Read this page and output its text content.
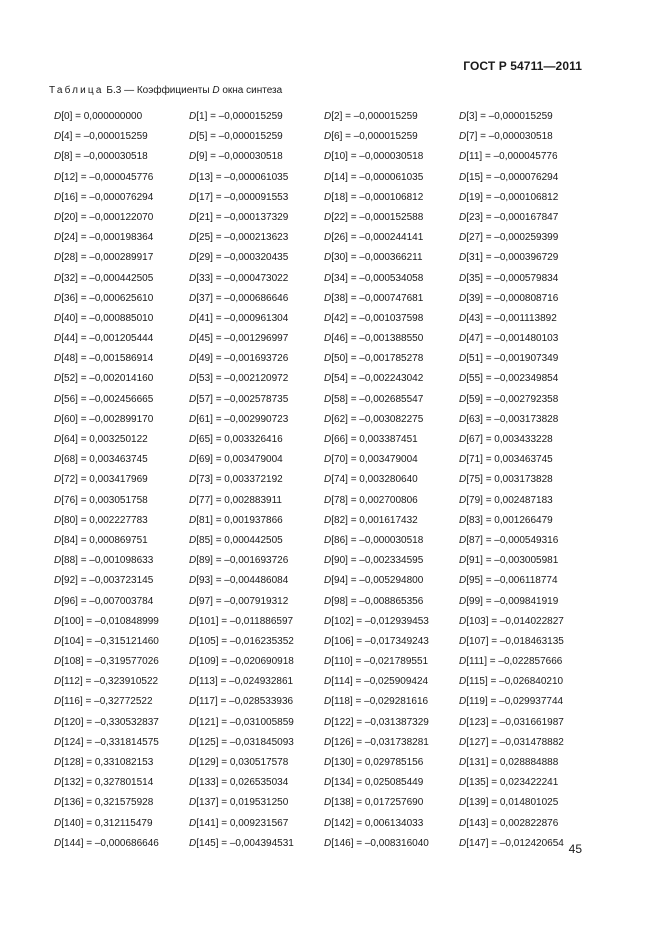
ГОСТ Р 54711—2011
Таблица Б.3 — Коэффициенты D окна синтеза
D[0] = 0,000000000	D[1] = –0,000015259	D[2] = –0,000015259	D[3] = –0,000015259
D[4] = –0,000015259	D[5] = –0,000015259	D[6] = –0,000015259	D[7] = –0,000030518
D[8] = –0,000030518	D[9] = –0,000030518	D[10] = –0,000030518	D[11] = –0,000045776
D[12] = –0,000045776	D[13] = –0,000061035	D[14] = –0,000061035	D[15] = –0,000076294
D[16] = –0,000076294	D[17] = –0,000091553	D[18] = –0,000106812	D[19] = –0,000106812
D[20] = –0,000122070	D[21] = –0,000137329	D[22] = –0,000152588	D[23] = –0,000167847
D[24] = –0,000198364	D[25] = –0,000213623	D[26] = –0,000244141	D[27] = –0,000259399
D[28] = –0,000289917	D[29] = –0,000320435	D[30] = –0,000366211	D[31] = –0,000396729
D[32] = –0,000442505	D[33] = –0,000473022	D[34] = –0,000534058	D[35] = –0,000579834
D[36] = –0,000625610	D[37] = –0,000686646	D[38] = –0,000747681	D[39] = –0,000808716
D[40] = –0,000885010	D[41] = –0,000961304	D[42] = –0,001037598	D[43] = –0,001113892
D[44] = –0,001205444	D[45] = –0,001296997	D[46] = –0,001388550	D[47] = –0,001480103
D[48] = –0,001586914	D[49] = –0,001693726	D[50] = –0,001785278	D[51] = –0,001907349
D[52] = –0,002014160	D[53] = –0,002120972	D[54] = –0,002243042	D[55] = –0,002349854
D[56] = –0,002456665	D[57] = –0,002578735	D[58] = –0,002685547	D[59] = –0,002792358
D[60] = –0,002899170	D[61] = –0,002990723	D[62] = –0,003082275	D[63] = –0,003173828
D[64] = 0,003250122	D[65] = 0,003326416	D[66] = 0,003387451	D[67] = 0,003433228
D[68] = 0,003463745	D[69] = 0,003479004	D[70] = 0,003479004	D[71] = 0,003463745
D[72] = 0,003417969	D[73] = 0,003372192	D[74] = 0,003280640	D[75] = 0,003173828
D[76] = 0,003051758	D[77] = 0,002883911	D[78] = 0,002700806	D[79] = 0,002487183
D[80] = 0,002227783	D[81] = 0,001937866	D[82] = 0,001617432	D[83] = 0,001266479
D[84] = 0,000869751	D[85] = 0,000442505	D[86] = –0,000030518	D[87] = –0,000549316
D[88] = –0,001098633	D[89] = –0,001693726	D[90] = –0,002334595	D[91] = –0,003005981
D[92] = –0,003723145	D[93] = –0,004486084	D[94] = –0,005294800	D[95] = –0,006118774
D[96] = –0,007003784	D[97] = –0,007919312	D[98] = –0,008865356	D[99] = –0,009841919
D[100] = –0,010848999	D[101] = –0,011886597	D[102] = –0,012939453	D[103] = –0,014022827
D[104] = –0,315121460	D[105] = –0,016235352	D[106] = –0,017349243	D[107] = –0,018463135
D[108] = –0,319577026	D[109] = –0,020690918	D[110] = –0,021789551	D[111] = –0,022857666
D[112] = –0,323910522	D[113] = –0,024932861	D[114] = –0,025909424	D[115] = –0,026840210
D[116] = –0,32772522	D[117] = –0,028533936	D[118] = –0,029281616	D[119] = –0,029937744
D[120] = –0,330532837	D[121] = –0,031005859	D[122] = –0,031387329	D[123] = –0,031661987
D[124] = –0,331814575	D[125] = –0,031845093	D[126] = –0,031738281	D[127] = –0,031478882
D[128] = 0,331082153	D[129] = 0,030517578	D[130] = 0,029785156	D[131] = 0,028884888
D[132] = 0,327801514	D[133] = 0,026535034	D[134] = 0,025085449	D[135] = 0,023422241
D[136] = 0,321575928	D[137] = 0,019531250	D[138] = 0,017257690	D[139] = 0,014801025
D[140] = 0,312115479	D[141] = 0,009231567	D[142] = 0,006134033	D[143] = 0,002822876
D[144] = –0,000686646	D[145] = –0,004394531	D[146] = –0,008316040	D[147] = –0,012420654 45
